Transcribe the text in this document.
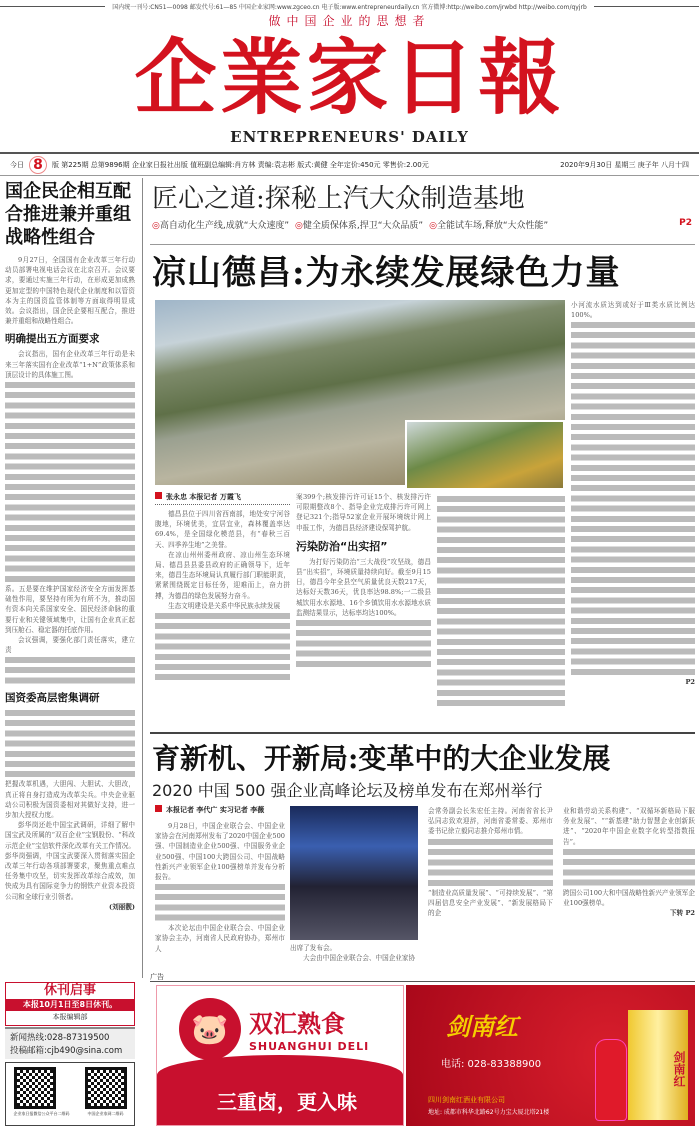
国内统一刊号:CN51—0098 邮发代号:61—85 中国企业家网:www.zgceo.cn 电子版:www.entrepreneurdaily.cn 官方微博:http://weibo.com/jrwbd http://weibo.com/qyjrb
做中国企业的思想者
企業家日報
ENTREPRENEURS' DAILY
今日 8	版 第225期 总第9896期 企业家日报社出版 值班副总编辑:肖方林 责编:袁志彬 版式:黄健 全年定价:450元 零售价:2.00元	2020年9月30日 星期三 庚子年 八月十四
国企民企相互配合推进兼并重组战略性组合
9月27日，全国国有企业改革三年行动动员部署电视电话会议在北京召开。会议要求，要通过实施三年行动，在形成更加成熟更加定型的中国特色现代企业制度和以管资本为主的国资监管体制等方面取得明显成效。会议指出，国企民企要相互配合，推进兼并重组和战略性组合。
明确提出五方面要求
会议指出，国有企业改革三年行动是未来三年落实国有企业改革“1+N”政策体系和顶层设计的具体施工图。
系。五是要在维护国家经济安全方面发挥基础性作用，要坚持有所为有所不为，推动国有资本向关系国家安全、国民经济命脉的重要行业和关键领域集中，让国有企业真正起到压舱石、稳定器的托底作用。
会议强调，要强化部门责任落实，建立责
国资委高层密集调研
把握改革机遇，大胆闯、大胆试、大胆改，真正将自身打造成为改革尖兵。中央企业驱动公司积极为国资委相对其做好支持，进一步加大授权力度。
彭华岗还赴中国宝武调研，详细了解中国宝武及所属的“双百企业”宝钢股份、“科改示范企业”宝信软件深化改革有关工作情况。彭华岗强调，中国宝武要深入贯彻落实国企改革三年行动各项部署要求，聚焦重点难点任务集中攻坚，切实发挥改革综合成效，加快成为具有国际竞争力的钢铁产业资本投资公司和全球行业引领者。
(刘丽靓)
休刊启事
本报10月1日至8日休刊。
本报编辑部
新闻热线:028-87319500
投稿邮箱:cjb490@sina.com
企业家日报微信公众平台二维码	中国企业家网二维码
匠心之道:探秘上汽大众制造基地
◎高自动化生产线,成就“大众速度” ◎健全质保体系,捍卫“大众品质” ◎全能试车场,释放“大众性能”	P2
凉山德昌:为永续发展绿色力量
张永忠 本报记者 万霞飞
德昌县位于四川省西南部，地处安宁河谷腹地，环境优美，宜居宜业，森林覆盖率达69.4%，是全国绿化模范县，有“春秋三百天、四季养生地”之美誉。
在凉山州州委州政府、凉山州生态环境局、德昌县县委县政府的正确领导下，近年来，德昌生态环境局认真履行部门职能职责，紧紧围绕既定目标任务，迎难而上，奋力拼搏，为德昌的绿色发展努力奋斗。
生态文明建设是关系中华民族永续发展
案399个;核发排污许可证15个、核发排污许可限期整改8个、指导企业完成排污许可网上登记321个;指导52家企业开展环境统计网上申报工作，为德昌县经济建设保驾护航。
污染防治“出实招”
为打好污染防治“三大战役”攻坚战，德昌县“出实招”，环境质量持续向好。截至9月15日，德昌今年全县空气质量优良天数217天，达标好天数36天，优良率达98.8%;一二级县城饮用水水源地、16个乡镇饮用水水源地水质监测结果显示，达标率均达100%。
小河流水质达到或好于Ⅲ类水质比例达100%。
P2
育新机、开新局:变革中的大企业发展
2020 中国 500 强企业高峰论坛及榜单发布在郑州举行
本报记者 李代广 实习记者 李薇
9月28日，中国企业联合会、中国企业家协会在河南郑州发布了2020中国企业500强、中国制造业企业500强、中国服务业企业500强、中国100大跨国公司、中国战略性新兴产业领军企业100强榜单并发布分析报告。
本次论坛由中国企业联合会、中国企业家协会主办，河南省人民政府协办，郑州市人	出席了发布会。
大会由中国企业联合会、中国企业家协
会常务副会长朱宏任主持。河南省省长尹弘同志致欢迎辞，河南省委常委、郑州市委书记徐立毅同志推介郑州市情。
“制造业高质量发展”、“可持续发展”、“第四届信息安全产业发展”、“新发展格局下的企
业和谐劳动关系构建”、“双循环新格局下服务业发展”、““新基建”助力智慧企业创新跃进”、“2020年中国企业数字化转型指数报告”。
跨国公司100大和中国战略性新兴产业领军企业100强榜单。
下转 P2
广告
🐷 双汇熟食
SHUANGHUI DELI
三重卤，更入味
剑南红
电话: 028-83388900
四川剑南红酒业有限公司
地址: 成都市科华北路62号力宝大厦北塔21楼
剑南红
